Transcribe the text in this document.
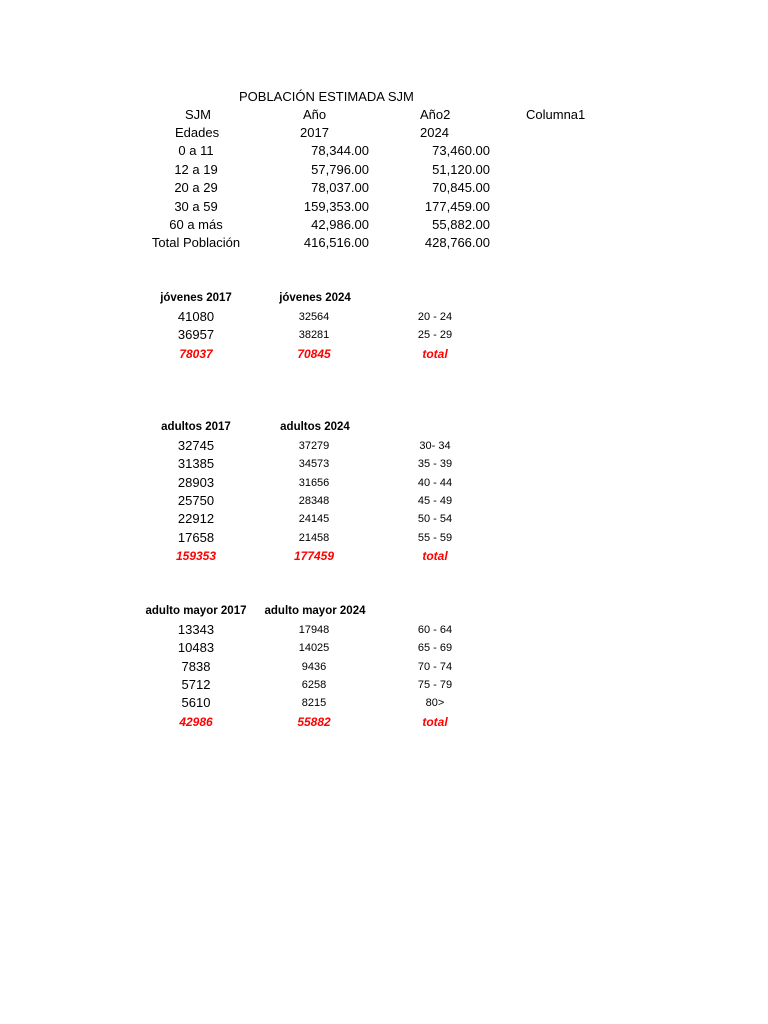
POBLACIÓN ESTIMADA SJM
SJM	Año	Año2	Columna1
Edades	2017	2024
0 a 11	78,344.00	73,460.00
12 a 19	57,796.00	51,120.00
20 a 29	78,037.00	70,845.00
30 a 59	159,353.00	177,459.00
60 a más	42,986.00	55,882.00
Total Población	416,516.00	428,766.00
jóvenes 2017	jóvenes 2024
41080	32564	20 - 24
36957	38281	25 - 29
78037	70845	total
adultos 2017	adultos 2024
32745	37279	30- 34
31385	34573	35 - 39
28903	31656	40 - 44
25750	28348	45 - 49
22912	24145	50 - 54
17658	21458	55 - 59
159353	177459	total
adulto mayor 2017	adulto mayor 2024
13343	17948	60 - 64
10483	14025	65 - 69
7838	9436	70 - 74
5712	6258	75 - 79
5610	8215	80>
42986	55882	total
